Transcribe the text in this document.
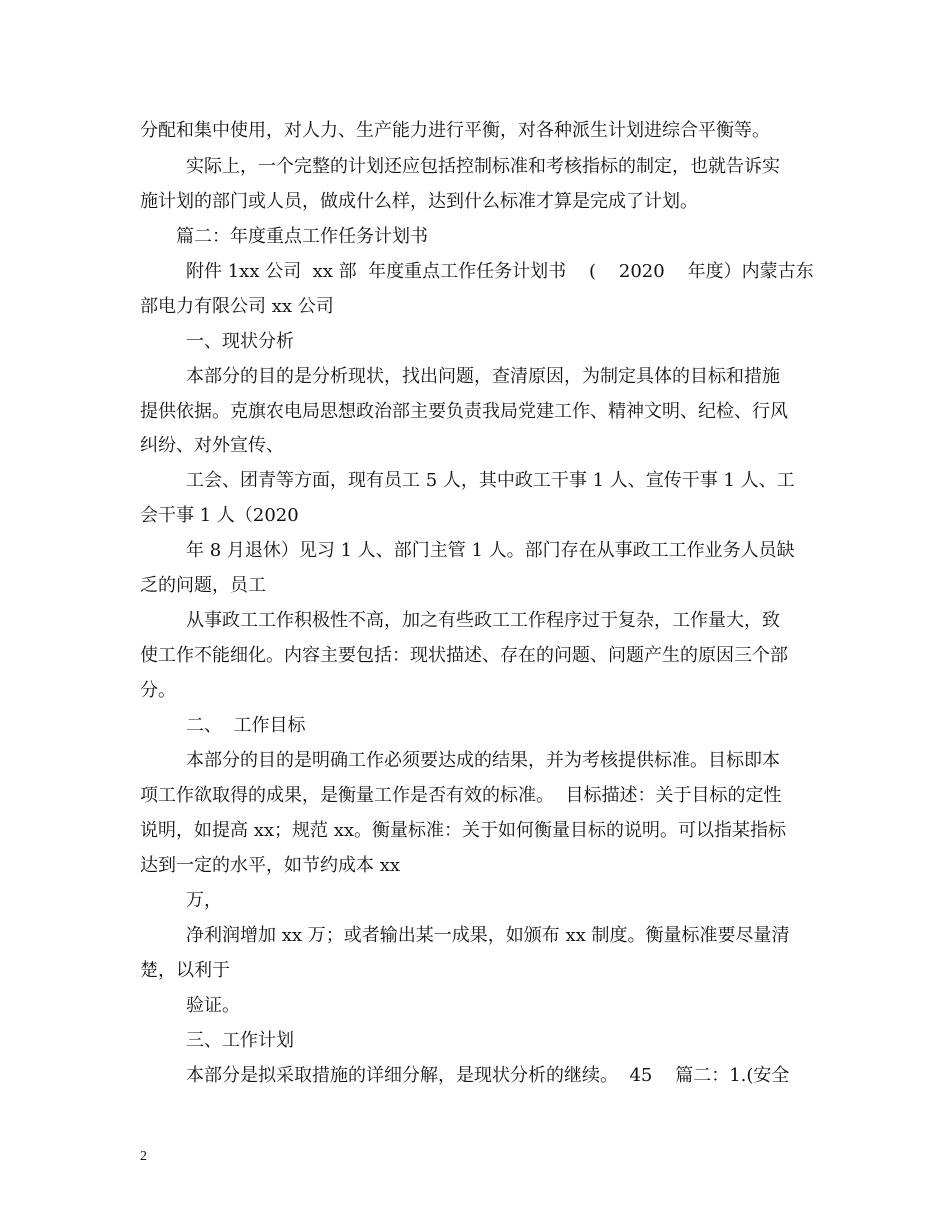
分配和集中使用，对人力、生产能力进行平衡，对各种派生计划进综合平衡等。
实际上，一个完整的计划还应包括控制标准和考核指标的制定，也就告诉实
施计划的部门或人员，做成什么样，达到什么标准才算是完成了计划。
篇二：年度重点工作任务计划书
附件 1xx 公司  xx 部  年度重点工作任务计划书    (    2020    年度）内蒙古东
部电力有限公司 xx 公司
一、现状分析
本部分的目的是分析现状，找出问题，查清原因，为制定具体的目标和措施
提供依据。克旗农电局思想政治部主要负责我局党建工作、精神文明、纪检、行风
纠纷、对外宣传、
工会、团青等方面，现有员工 5 人，其中政工干事 1 人、宣传干事 1 人、工
会干事 1 人（2020
年 8 月退休）见习 1 人、部门主管 1 人。部门存在从事政工工作业务人员缺
乏的问题，员工
从事政工工作积极性不高，加之有些政工工作程序过于复杂，工作量大，致
使工作不能细化。内容主要包括：现状描述、存在的问题、问题产生的原因三个部
分。
二、  工作目标
本部分的目的是明确工作必须要达成的结果，并为考核提供标准。目标即本
项工作欲取得的成果，是衡量工作是否有效的标准。  目标描述：关于目标的定性
说明，如提高 xx；规范 xx。衡量标准：关于如何衡量目标的说明。可以指某指标
达到一定的水平，如节约成本 xx
万，
净利润增加 xx 万；或者输出某一成果，如颁布 xx 制度。衡量标准要尽量清
楚，以利于
验证。
三、工作计划
本部分是拟采取措施的详细分解，是现状分析的继续。  45    篇二：1.(安全
2
